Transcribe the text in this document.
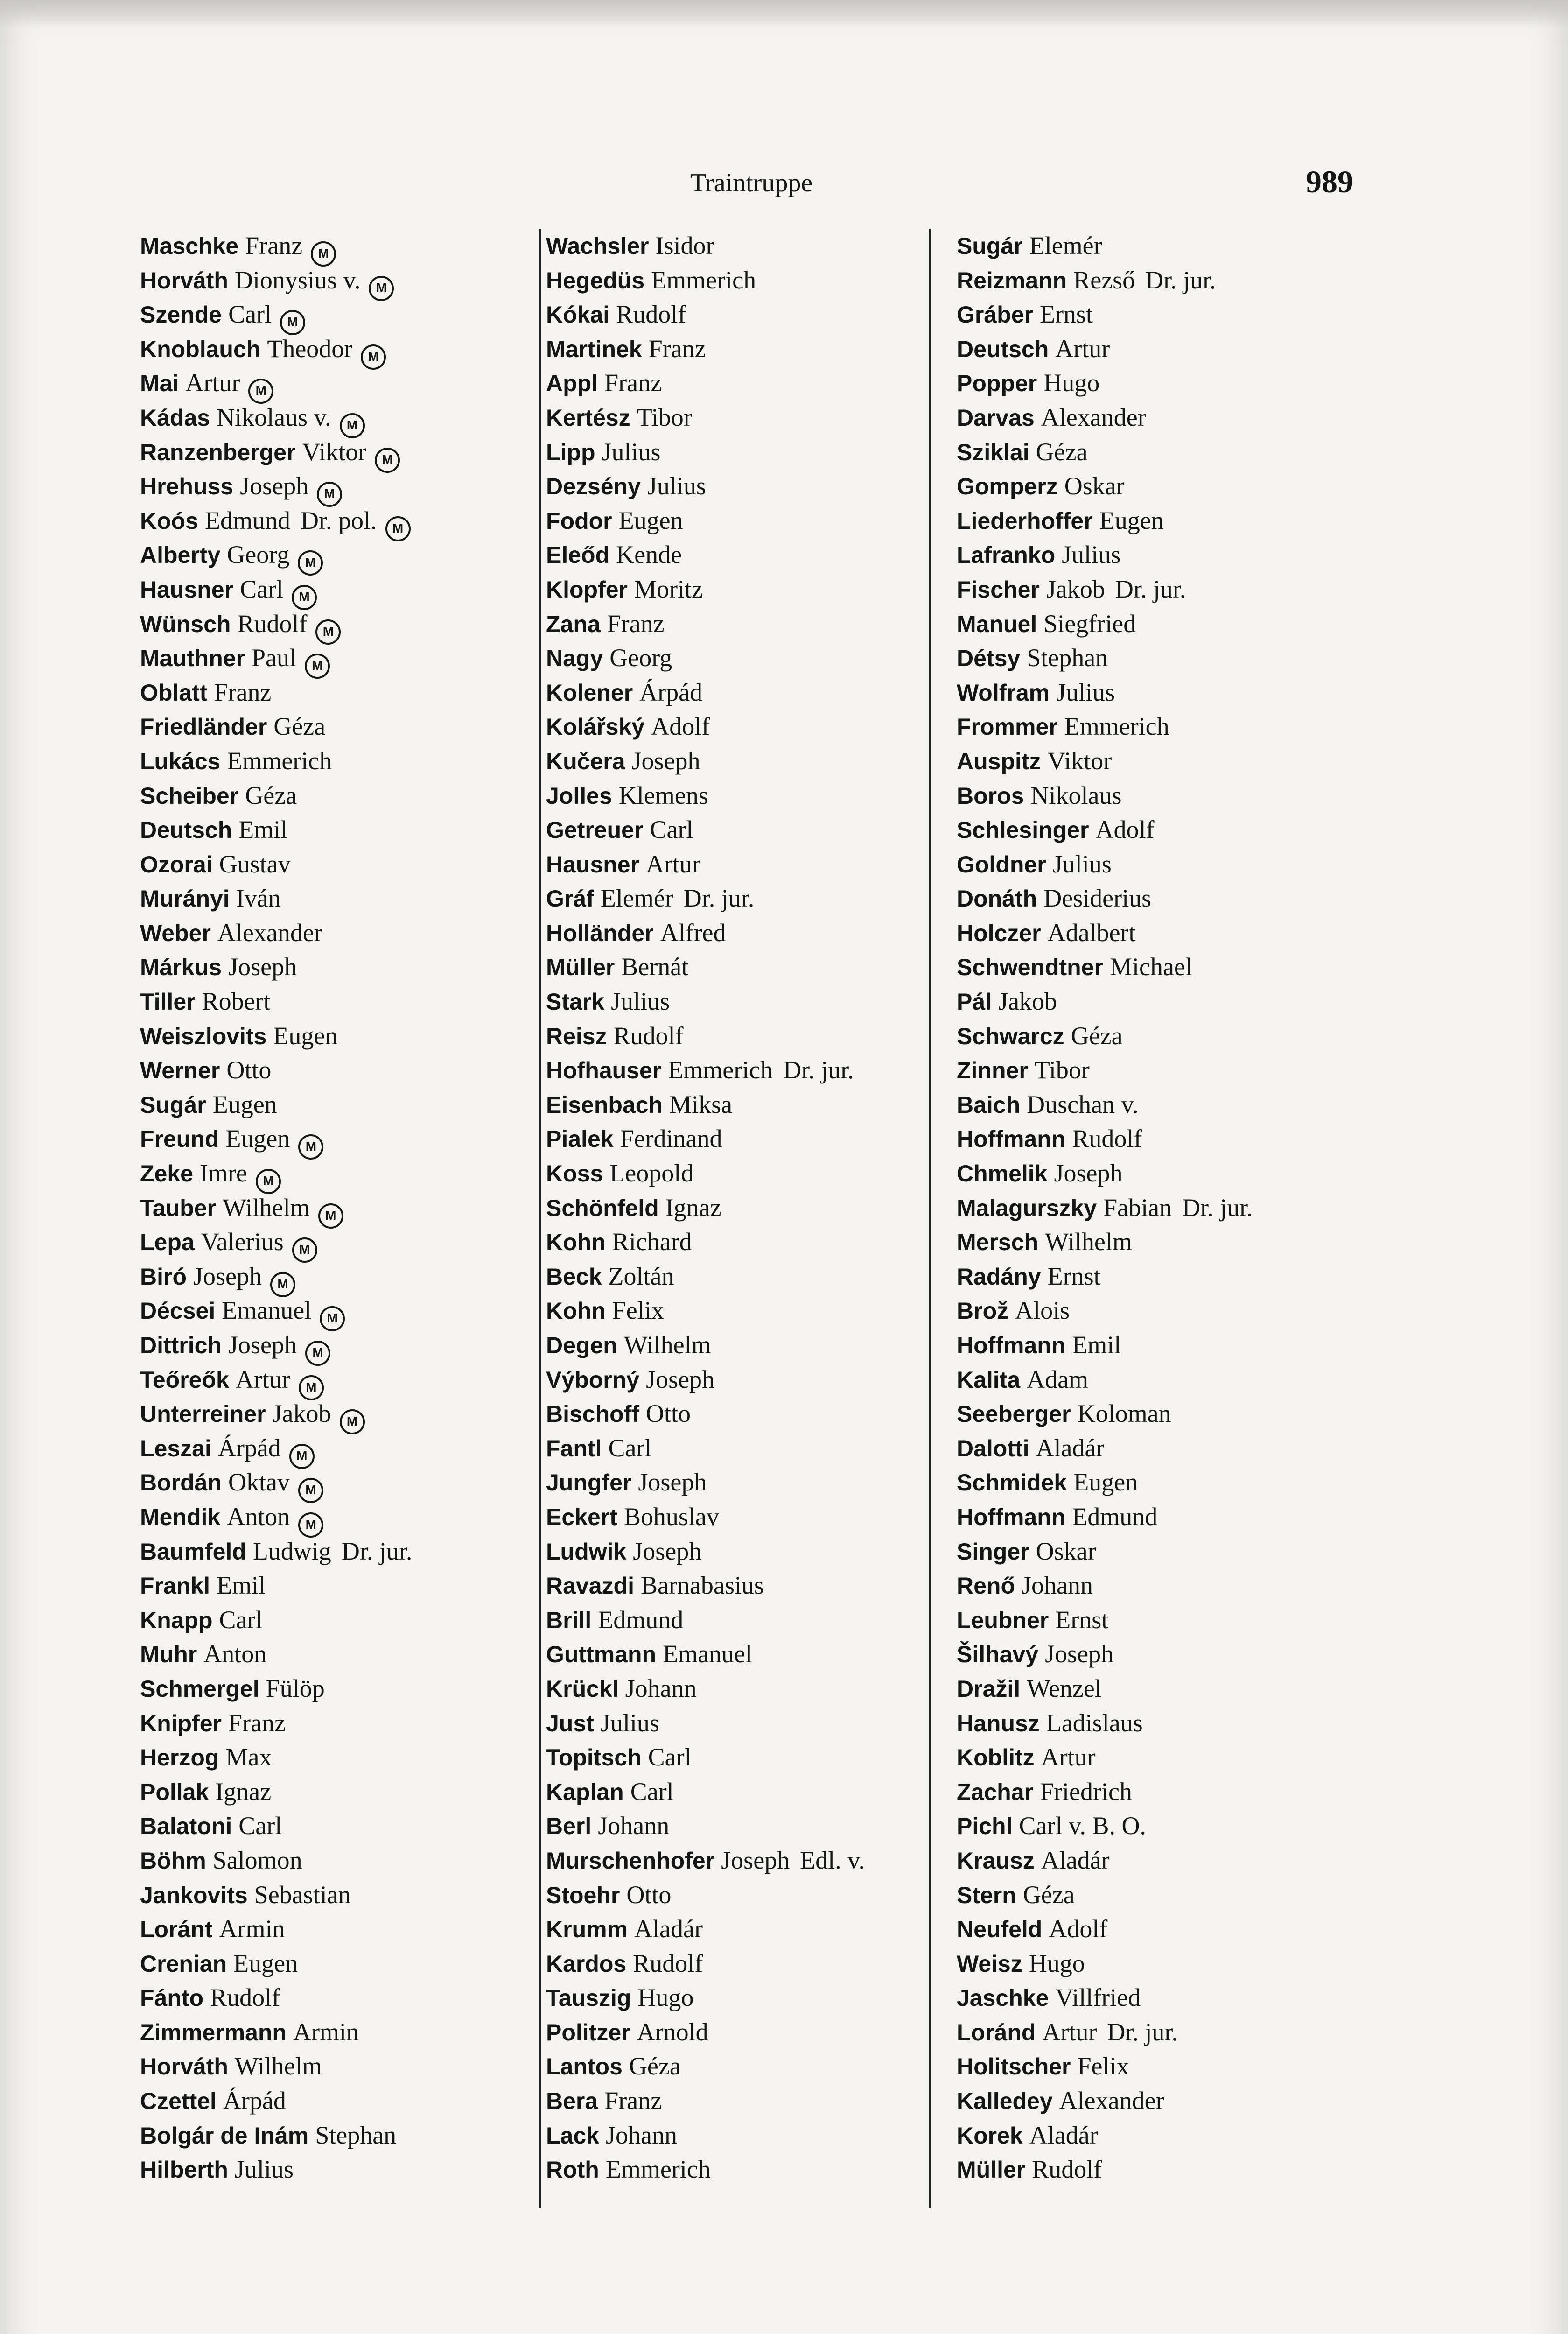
Traintruppe	989
Maschke Franz M
Horváth Dionysius v. M
Szende Carl M
Knoblauch Theodor M
Mai Artur M
Kádas Nikolaus v. M
Ranzenberger Viktor M
Hrehuss Joseph M
Koós Edmund Dr. pol. M
Alberty Georg M
Hausner Carl M
Wünsch Rudolf M
Mauthner Paul M
Oblatt Franz
Friedländer Géza
Lukács Emmerich
Scheiber Géza
Deutsch Emil
Ozorai Gustav
Murányi Iván
Weber Alexander
Márkus Joseph
Tiller Robert
Weiszlovits Eugen
Werner Otto
Sugár Eugen
Freund Eugen M
Zeke Imre M
Tauber Wilhelm M
Lepa Valerius M
Biró Joseph M
Décsei Emanuel M
Dittrich Joseph M
Teőreők Artur M
Unterreiner Jakob M
Leszai Árpád M
Bordán Oktav M
Mendik Anton M
Baumfeld Ludwig Dr. jur.
Frankl Emil
Knapp Carl
Muhr Anton
Schmergel Fülöp
Knipfer Franz
Herzog Max
Pollak Ignaz
Balatoni Carl
Böhm Salomon
Jankovits Sebastian
Loránt Armin
Crenian Eugen
Fánto Rudolf
Zimmermann Armin
Horváth Wilhelm
Czettel Árpád
Bolgár de Inám Stephan
Hilberth Julius
Wachsler Isidor
Hegedüs Emmerich
Kókai Rudolf
Martinek Franz
Appl Franz
Kertész Tibor
Lipp Julius
Dezsény Julius
Fodor Eugen
Eleőd Kende
Klopfer Moritz
Zana Franz
Nagy Georg
Kolener Árpád
Kolářský Adolf
Kučera Joseph
Jolles Klemens
Getreuer Carl
Hausner Artur
Gráf Elemér Dr. jur.
Holländer Alfred
Müller Bernát
Stark Julius
Reisz Rudolf
Hofhauser Emmerich Dr. jur.
Eisenbach Miksa
Pialek Ferdinand
Koss Leopold
Schönfeld Ignaz
Kohn Richard
Beck Zoltán
Kohn Felix
Degen Wilhelm
Výborný Joseph
Bischoff Otto
Fantl Carl
Jungfer Joseph
Eckert Bohuslav
Ludwik Joseph
Ravazdi Barnabasius
Brill Edmund
Guttmann Emanuel
Krückl Johann
Just Julius
Topitsch Carl
Kaplan Carl
Berl Johann
Murschenhofer Joseph Edl. v.
Stoehr Otto
Krumm Aladár
Kardos Rudolf
Tauszig Hugo
Politzer Arnold
Lantos Géza
Bera Franz
Lack Johann
Roth Emmerich
Sugár Elemér
Reizmann Rezső Dr. jur.
Gráber Ernst
Deutsch Artur
Popper Hugo
Darvas Alexander
Sziklai Géza
Gomperz Oskar
Liederhoffer Eugen
Lafranko Julius
Fischer Jakob Dr. jur.
Manuel Siegfried
Détsy Stephan
Wolfram Julius
Frommer Emmerich
Auspitz Viktor
Boros Nikolaus
Schlesinger Adolf
Goldner Julius
Donáth Desiderius
Holczer Adalbert
Schwendtner Michael
Pál Jakob
Schwarcz Géza
Zinner Tibor
Baich Duschan v.
Hoffmann Rudolf
Chmelik Joseph
Malagurszky Fabian Dr. jur.
Mersch Wilhelm
Radány Ernst
Brož Alois
Hoffmann Emil
Kalita Adam
Seeberger Koloman
Dalotti Aladár
Schmidek Eugen
Hoffmann Edmund
Singer Oskar
Renő Johann
Leubner Ernst
Šilhavý Joseph
Dražil Wenzel
Hanusz Ladislaus
Koblitz Artur
Zachar Friedrich
Pichl Carl v. B. O.
Krausz Aladár
Stern Géza
Neufeld Adolf
Weisz Hugo
Jaschke Villfried
Loránd Artur Dr. jur.
Holitscher Felix
Kalledey Alexander
Korek Aladár
Müller Rudolf
